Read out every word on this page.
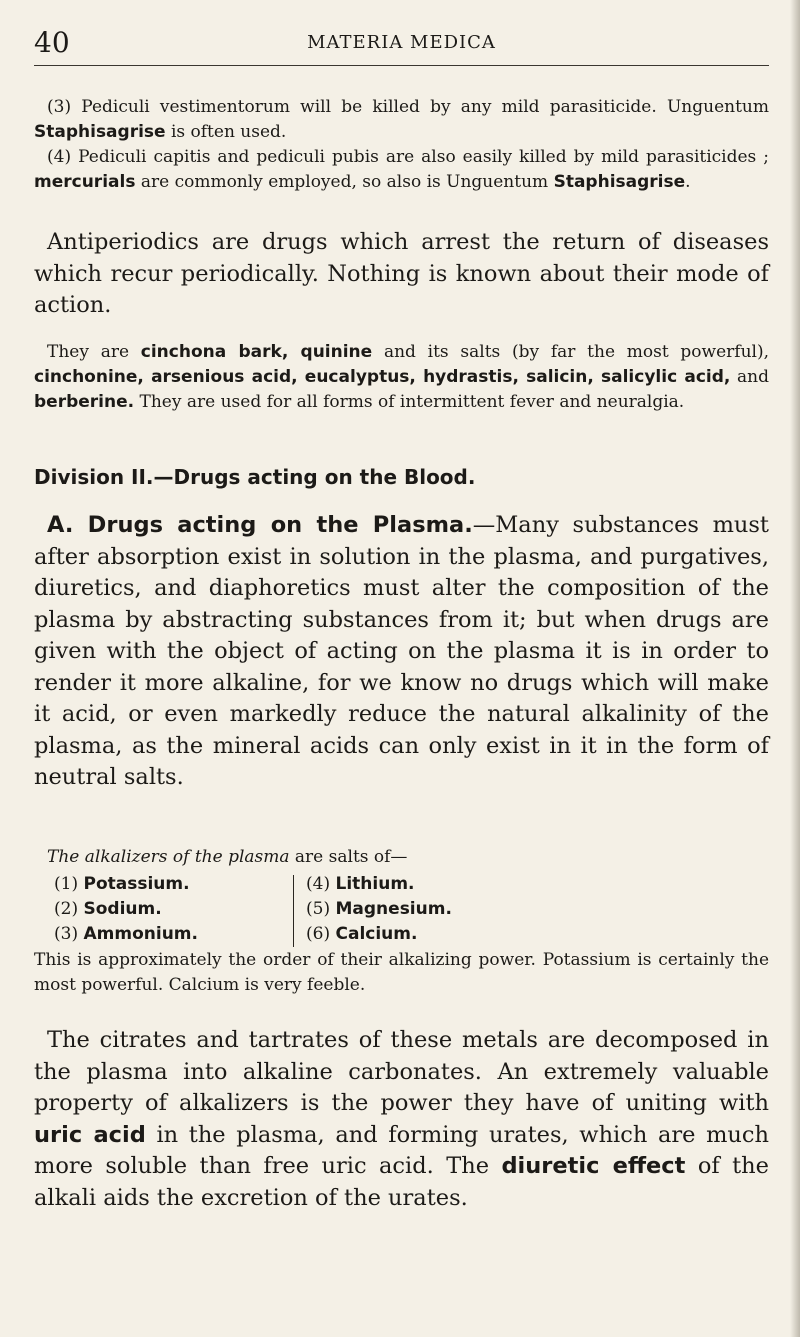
40	MATERIA MEDICA

(3) Pediculi vestimentorum will be killed by any mild parasiticide. Unguentum Staphisagrise is often used.

(4) Pediculi capitis and pediculi pubis are also easily killed by mild parasiticides ; mercurials are commonly employed, so also is Unguentum Staphisagrise.

Antiperiodics are drugs which arrest the return of diseases which recur periodically. Nothing is known about their mode of action.

They are cinchona bark, quinine and its salts (by far the most powerful), cinchonine, arsenious acid, eucalyptus, hydrastis, salicin, salicylic acid, and berberine. They are used for all forms of intermittent fever and neuralgia.

Division II.—Drugs acting on the Blood.

A. Drugs acting on the Plasma.—Many substances must after absorption exist in solution in the plasma, and purgatives, diuretics, and diaphoretics must alter the composition of the plasma by abstracting substances from it; but when drugs are given with the object of acting on the plasma it is in order to render it more alkaline, for we know no drugs which will make it acid, or even markedly reduce the natural alkalinity of the plasma, as the mineral acids can only exist in it in the form of neutral salts.

The alkalizers of the plasma are salts of—

(1) Potassium.
(2) Sodium.
(3) Ammonium.
(4) Lithium.
(5) Magnesium.
(6) Calcium.

This is approximately the order of their alkalizing power. Potassium is certainly the most powerful. Calcium is very feeble.

The citrates and tartrates of these metals are decomposed in the plasma into alkaline carbonates. An extremely valuable property of alkalizers is the power they have of uniting with uric acid in the plasma, and forming urates, which are much more soluble than free uric acid. The diuretic effect of the alkali aids the excretion of the urates.
